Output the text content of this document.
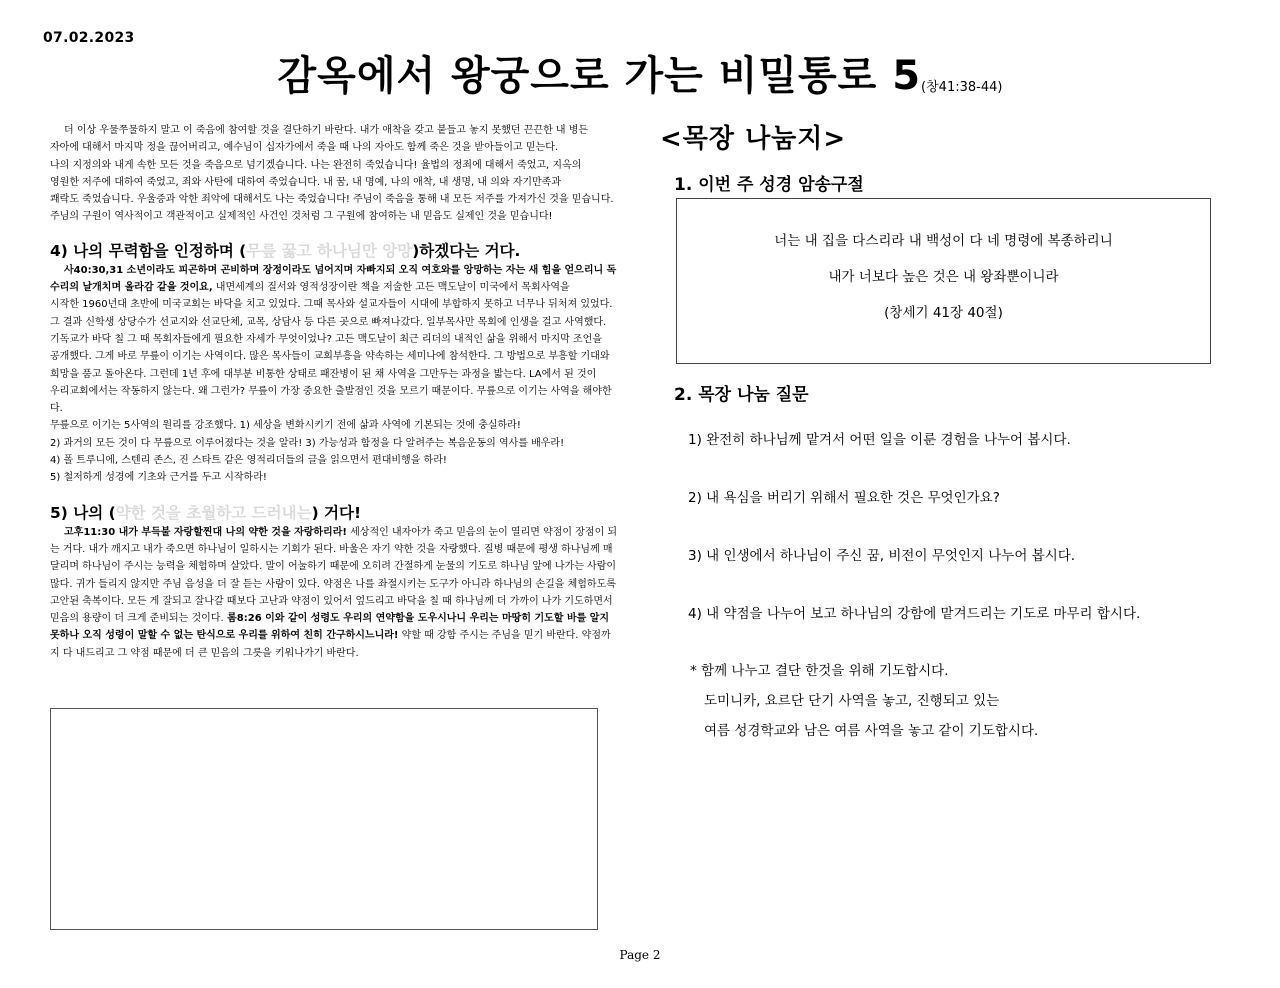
07.02.2023
감옥에서 왕궁으로 가는 비밀통로 5(창41:38-44)

더 이상 우물쭈물하지 말고 이 죽음에 참여할 것을 결단하기 바란다. 내가 애착을 갖고 붙들고 놓지 못했던 끈끈한 내 병든

자아에 대해서 마지막 정을 끊어버리고, 예수님이 십자가에서 죽을 때 나의 자아도 함께 죽은 것을 받아들이고 믿는다.

나의 지정의와 내게 속한 모든 것을 죽음으로 넘기겠습니다. 나는 완전히 죽었습니다! 율법의 정죄에 대해서 죽었고, 지옥의

영원한 저주에 대하여 죽었고, 죄와 사탄에 대하여 죽었습니다. 내 꿈, 내 명예, 나의 애착, 내 생명, 내 의와 자기만족과

쾌락도 죽었습니다. 우울증과 악한 죄악에 대해서도 나는 죽었습니다! 주님이 죽음을 통해 내 모든 저주를 가져가신 것을 믿습니다.

주님의 구원이 역사적이고 객관적이고 실제적인 사건인 것처럼 그 구원에 참여하는 내 믿음도 실제인 것을 믿습니다!

4) 나의 무력함을 인정하며 (무릎 꿇고 하나님만 앙망)하겠다는 거다.

사40:30,31 소년이라도 피곤하며 곤비하며 장정이라도 넘어지며 자빠지되 오직 여호와를 앙망하는 자는 새 힘을 얻으리니 독수리의 날개치며 올라감 같을 것이요, 내면세계의 질서와 영적성장이란 책을 저술한 고든 맥도날이 미국에서 목회사역을

시작한 1960년대 초반에 미국교회는 바닥을 치고 있었다. 그때 목사와 설교자들이 시대에 부합하지 못하고 너무나 뒤처져 있었다.

그 결과 신학생 상당수가 선교지와 선교단체, 교목, 상담사 등 다른 곳으로 빠져나갔다. 일부목사만 목회에 인생을 걸고 사역했다.

기독교가 바닥 칠 그 때 목회자들에게 필요한 자세가 무엇이었나? 고든 맥도날이 최근 리더의 내적인 삶을 위해서 마지막 조언을

공개했다. 그게 바로 무릎이 이기는 사역이다. 많은 목사들이 교회부흥을 약속하는 세미나에 참석한다. 그 방법으로 부흥할 기대와

희망을 품고 돌아온다. 그런데 1년 후에 대부분 비통한 상태로 패잔병이 된 채 사역을 그만두는 과정을 밟는다. LA에서 된 것이

우리교회에서는 작동하지 않는다. 왜 그런가? 무릎이 가장 중요한 출발점인 것을 모르기 때문이다. 무릎으로 이기는 사역을 해야한다.

무릎으로 이기는 5사역의 원리를 강조했다. 1) 세상을 변화시키기 전에 삶과 사역에 기본되는 것에 충실하라!

2) 과거의 모든 것이 다 무릎으로 이루어졌다는 것을 알라! 3) 가능성과 함정을 다 알려주는 복음운동의 역사를 배우라!

4) 폴 트루니에, 스텐리 존스, 진 스타트 같은 영적리더들의 글을 읽으면서 편대비행을 하라!

5) 철저하게 성경에 기초와 근거를 두고 시작하라!

5) 나의 (약한 것을 초월하고 드러내는) 거다!

고후11:30 내가 부득불 자랑할찐대 나의 약한 것을 자랑하리라! 세상적인 내자아가 죽고 믿음의 눈이 열리면 약점이 장점이 되는 거다. 내가 깨지고 내가 죽으면 하나님이 일하시는 기회가 된다. 바울은 자기 약한 것을 자랑했다. 질병 때문에 평생 하나님께 매달리며 하나님이 주시는 능력을 체험하며 살았다. 말이 어눌하기 때문에 오히려 간절하게 눈물의 기도로 하나님 앞에 나가는 사람이 많다. 귀가 들리지 않지만 주님 음성을 더 잘 듣는 사람이 있다. 약점은 나를 좌절시키는 도구가 아니라 하나님의 손길을 체험하도록 고안된 축복이다. 모든 게 잘되고 잘나갈 때보다 고난과 약점이 있어서 엎드리고 바닥을 칠 때 하나님께 더 가까이 나가 기도하면서 믿음의 용량이 더 크게 준비되는 것이다. 롬8:26 이와 같이 성령도 우리의 연약함을 도우시나니 우리는 마땅히 기도할 바를 알지 못하나 오직 성령이 말할 수 없는 탄식으로 우리를 위하여 친히 간구하시느니라! 약할 때 강함 주시는 주님을 믿기 바란다. 약점까지 다 내드리고 그 약점 때문에 더 큰 믿음의 그릇을 키워나가기 바란다.

<목장 나눔지>
1. 이번 주 성경 암송구절
너는 내 집을 다스리라 내 백성이 다 네 명령에 복종하리니
내가 너보다 높은 것은 내 왕좌뿐이니라
(창세기 41장 40절)
2. 목장 나눔 질문
1) 완전히 하나님께 맡겨서 어떤 일을 이룬 경험을 나누어 봅시다.
2) 내 욕심을 버리기 위해서 필요한 것은 무엇인가요?
3) 내 인생에서 하나님이 주신 꿈, 비전이 무엇인지 나누어 봅시다.
4) 내 약점을 나누어 보고 하나님의 강함에 맡겨드리는 기도로 마무리 합시다.
* 함께 나누고 결단 한것을 위해 기도합시다.
도미니카, 요르단 단기 사역을 놓고, 진행되고 있는
여름 성경학교와 남은 여름 사역을 놓고 같이 기도합시다.
Page 2
